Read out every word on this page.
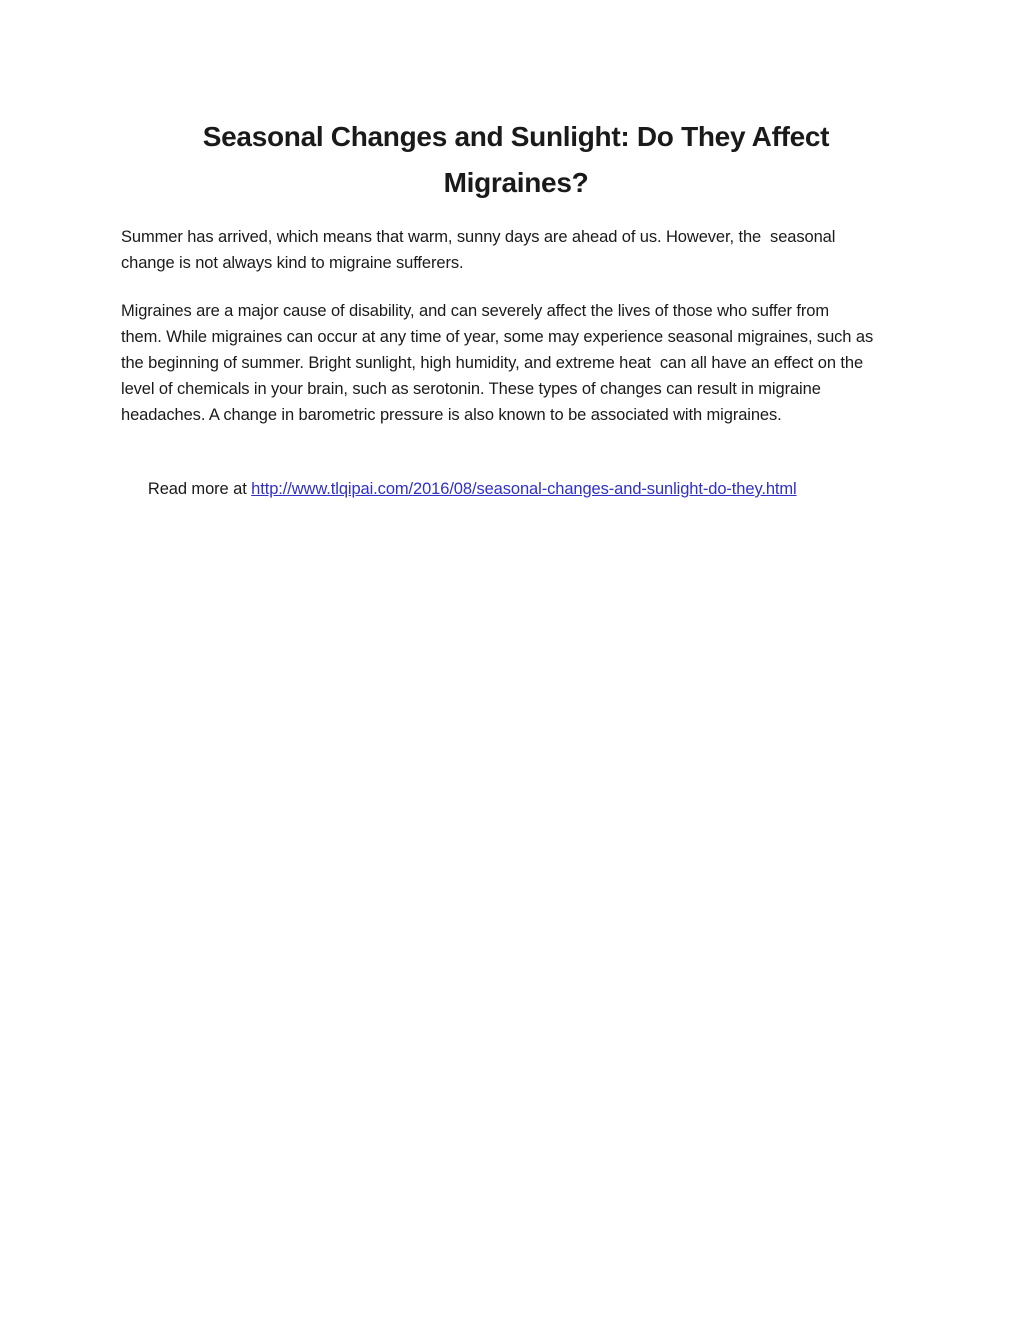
Seasonal Changes and Sunlight: Do They Affect
Migraines?
Summer has arrived, which means that warm, sunny days are ahead of us. However, the  seasonal
change is not always kind to migraine sufferers.
Migraines are a major cause of disability, and can severely affect the lives of those who suffer from
them. While migraines can occur at any time of year, some may experience seasonal migraines, such as
the beginning of summer. Bright sunlight, high humidity, and extreme heat  can all have an effect on the
level of chemicals in your brain, such as serotonin. These types of changes can result in migraine
headaches. A change in barometric pressure is also known to be associated with migraines.

Read more at http://www.tlqipai.com/2016/08/seasonal-changes-and-sunlight-do-they.html
